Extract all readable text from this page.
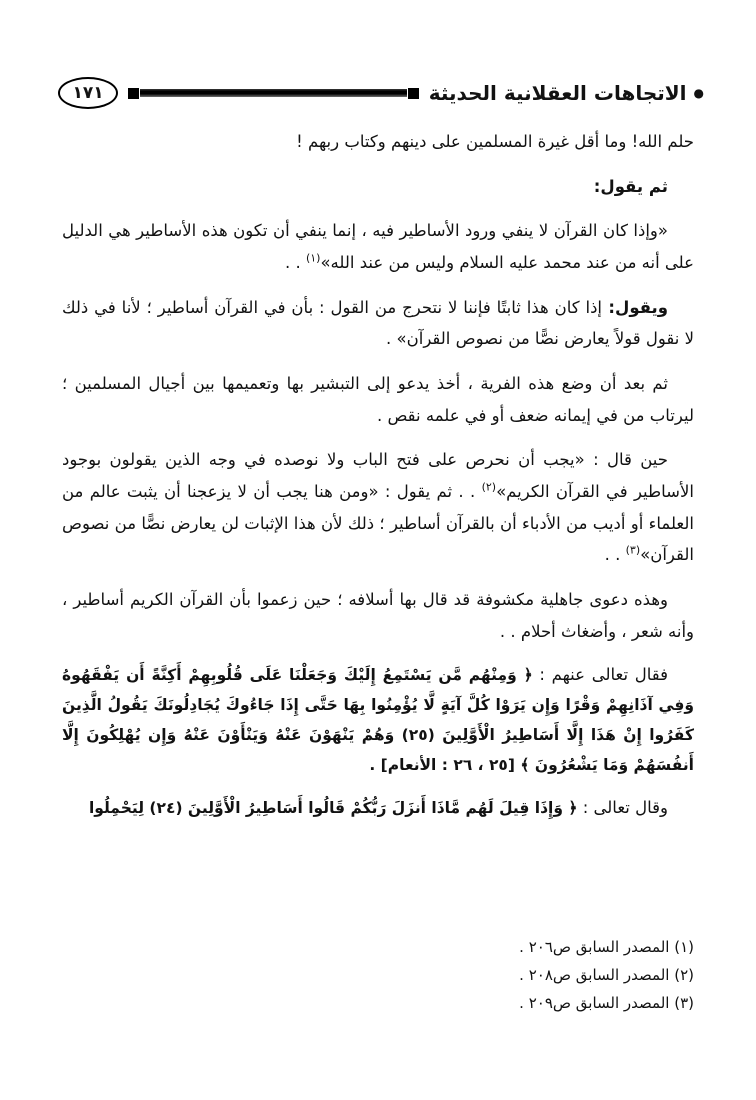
●
الاتجاهات العقلانية الحديثة
١٧١

حلم الله! وما أقل غيرة المسلمين على دينهم وكتاب ربهم !

ثم يقول:

«وإذا كان القرآن لا ينفي ورود الأساطير فيه ، إنما ينفي أن تكون هذه الأساطير هي الدليل على أنه من عند محمد عليه السلام وليس من عند الله»$^{(١)}$ . .

ويقول: إذا كان هذا ثابتًا فإننا لا نتحرج من القول : بأن في القرآن أساطير ؛ لأنا في ذلك لا نقول قولاً يعارض نصًّا من نصوص القرآن» .

ثم بعد أن وضع هذه الفرية ، أخذ يدعو إلى التبشير بها وتعميمها بين أجيال المسلمين ؛ ليرتاب من في إيمانه ضعف أو في علمه نقص .

حين قال : «يجب أن نحرص على فتح الباب ولا نوصده في وجه الذين يقولون بوجود الأساطير في القرآن الكريم»$^{(٢)}$ . . ثم يقول : «ومن هنا يجب أن لا يزعجنا أن يثبت عالم من العلماء أو أديب من الأدباء أن بالقرآن أساطير ؛ ذلك لأن هذا الإثبات لن يعارض نصًّا من نصوص القرآن»$^{(٣)}$ . .

وهذه دعوى جاهلية مكشوفة قد قال بها أسلافه ؛ حين زعموا بأن القرآن الكريم أساطير ، وأنه شعر ، وأضغاث أحلام . .

فقال تعالى عنهم : ﴿ وَمِنْهُم مَّن يَسْتَمِعُ إِلَيْكَ وَجَعَلْنَا عَلَى قُلُوبِهِمْ أَكِنَّةً أَن يَفْقَهُوهُ وَفِي آذَانِهِمْ وَقْرًا وَإِن يَرَوْا كُلَّ آيَةٍ لَّا يُؤْمِنُوا بِهَا حَتَّى إِذَا جَاءُوكَ يُجَادِلُونَكَ يَقُولُ الَّذِينَ كَفَرُوا إِنْ هَذَا إِلَّا أَسَاطِيرُ الْأَوَّلِينَ (٢٥) وَهُمْ يَنْهَوْنَ عَنْهُ وَيَنْأَوْنَ عَنْهُ وَإِن يُهْلِكُونَ إِلَّا أَنفُسَهُمْ وَمَا يَشْعُرُونَ ﴾ [٢٥ ، ٢٦ : الأنعام] .

وقال تعالى : ﴿ وَإِذَا قِيلَ لَهُم مَّاذَا أَنزَلَ رَبُّكُمْ قَالُوا أَسَاطِيرُ الْأَوَّلِينَ (٢٤) لِيَحْمِلُوا

(١) المصدر السابق ص٢٠٦ .

(٢) المصدر السابق ص٢٠٨ .

(٣) المصدر السابق ص٢٠٩ .
